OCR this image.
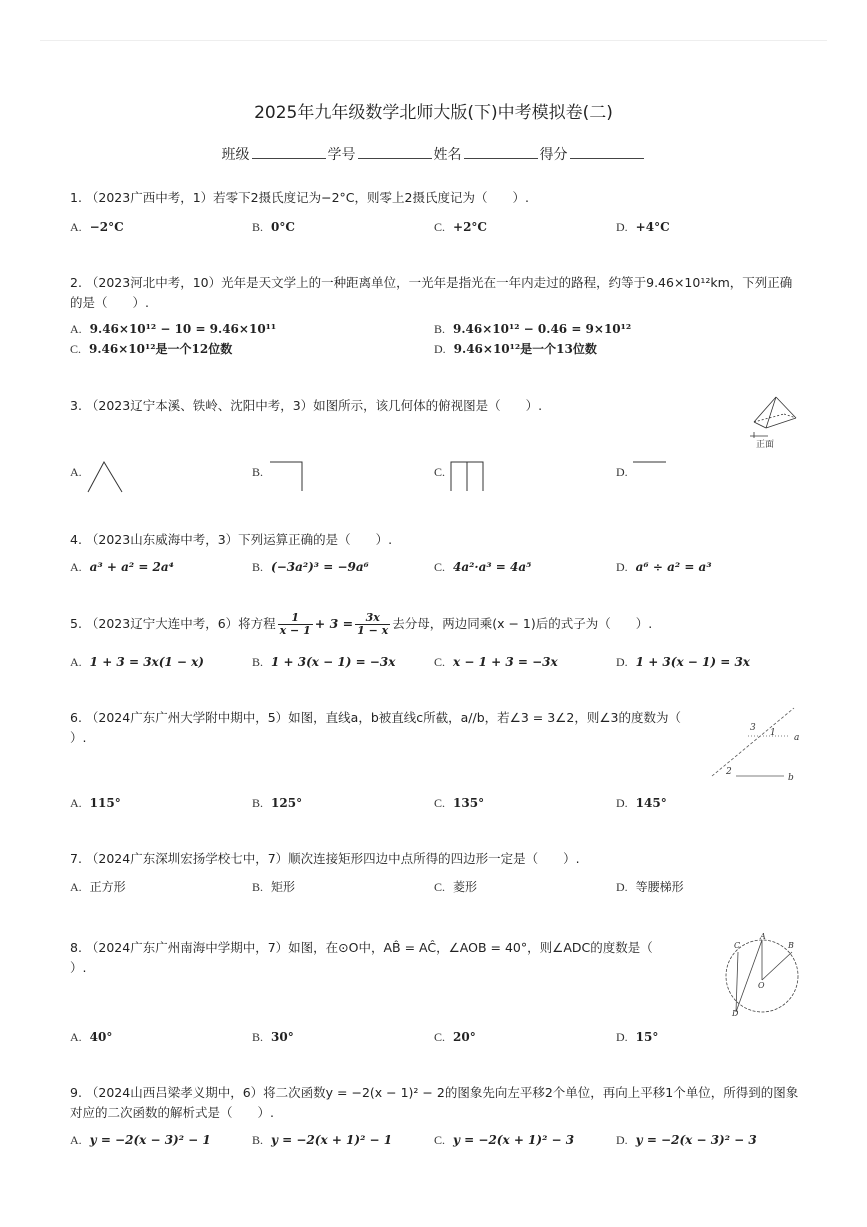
2025年九年级数学北师大版(下)中考模拟卷(二)
班级	学号	姓名	得分
1. （2023广西中考，1）若零下2摄氏度记为−2°C，则零上2摄氏度记为（　　）.
A. −2°C	B. 0°C	C. +2°C	D. +4°C
2. （2023河北中考，10）光年是天文学上的一种距离单位，一光年是指光在一年内走过的路程，约等于9.46×10¹²km，下列正确
的是（　　）.
A. 9.46×10¹² − 10 = 9.46×10¹¹	B. 9.46×10¹² − 0.46 = 9×10¹²
C. 9.46×10¹²是一个12位数	D. 9.46×10¹²是一个13位数
3. （2023辽宁本溪、铁岭、沈阳中考，3）如图所示，该几何体的俯视图是（　　）.
正面
A.	B.	C.	D.
4. （2023山东威海中考，3）下列运算正确的是（　　）.
A. a³ + a² = 2a⁴	B. (−3a²)³ = −9a⁶	C. 4a²·a³ = 4a⁵	D. a⁶ ÷ a² = a³
5. （2023辽宁大连中考，6）将方程 $\frac{1}{x - 1} + 3 = \frac{3x}{1 - x}$ 去分母，两边同乘(x − 1)后的式子为（　　）.
A. 1 + 3 = 3x(1 − x)	B. 1 + 3(x − 1) = −3x	C. x − 1 + 3 = −3x	D. 1 + 3(x − 1) = 3x
6. （2024广东广州大学附中期中，5）如图，直线a，b被直线c所截，a//b，若∠3 = 3∠2，则∠3的度数为（
）.
3 1 a
2
b
A. 115°	B. 125°	C. 135°	D. 145°
7. （2024广东深圳宏扬学校七中，7）顺次连接矩形四边中点所得的四边形一定是（　　）.
A. 正方形	B. 矩形	C. 菱形	D. 等腰梯形
8. （2024广东广州南海中学期中，7）如图，在⊙O中，AB̂ = AĈ，∠AOB = 40°，则∠ADC的度数是（
）.
C
A
B
O
D
A. 40°	B. 30°	C. 20°	D. 15°
9. （2024山西吕梁孝义期中，6）将二次函数y = −2(x − 1)² − 2的图象先向左平移2个单位，再向上平移1个单位，所得到的图象
对应的二次函数的解析式是（　　）.
A. y = −2(x − 3)² − 1	B. y = −2(x + 1)² − 1	C. y = −2(x + 1)² − 3	D. y = −2(x − 3)² − 3
